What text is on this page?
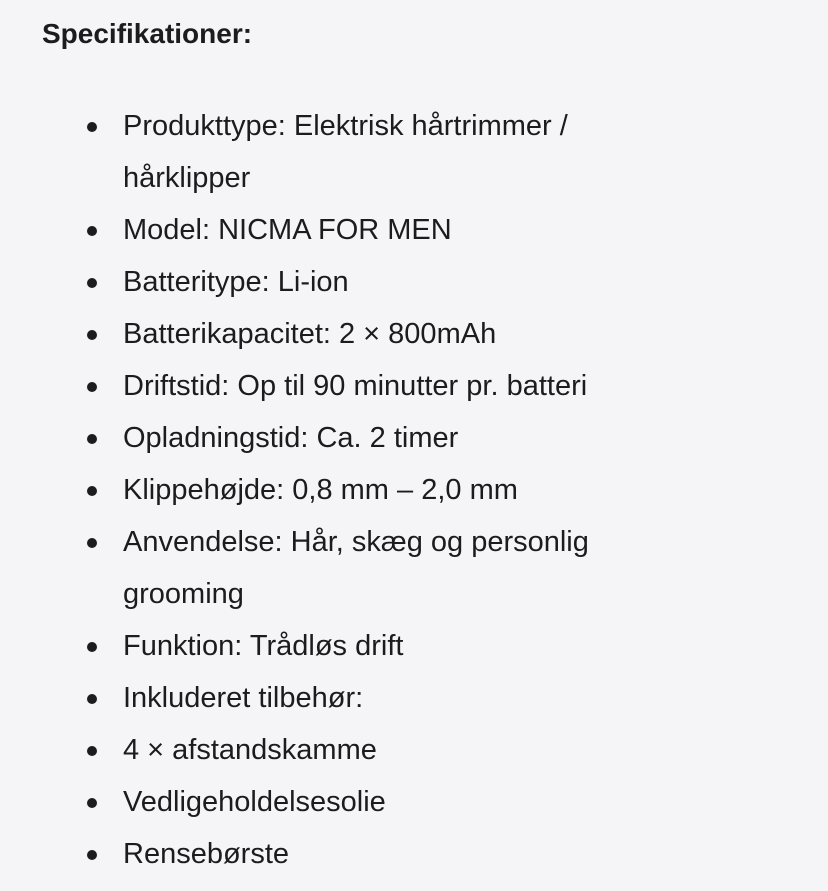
Specifikationer:
Produkttype: Elektrisk hårtrimmer / hårklipper
Model: NICMA FOR MEN
Batteritype: Li-ion
Batterikapacitet: 2 × 800mAh
Driftstid: Op til 90 minutter pr. batteri
Opladningstid: Ca. 2 timer
Klippehøjde: 0,8 mm – 2,0 mm
Anvendelse: Hår, skæg og personlig grooming
Funktion: Trådløs drift
Inkluderet tilbehør:
4 × afstandskamme
Vedligeholdelsesolie
Rensebørste
